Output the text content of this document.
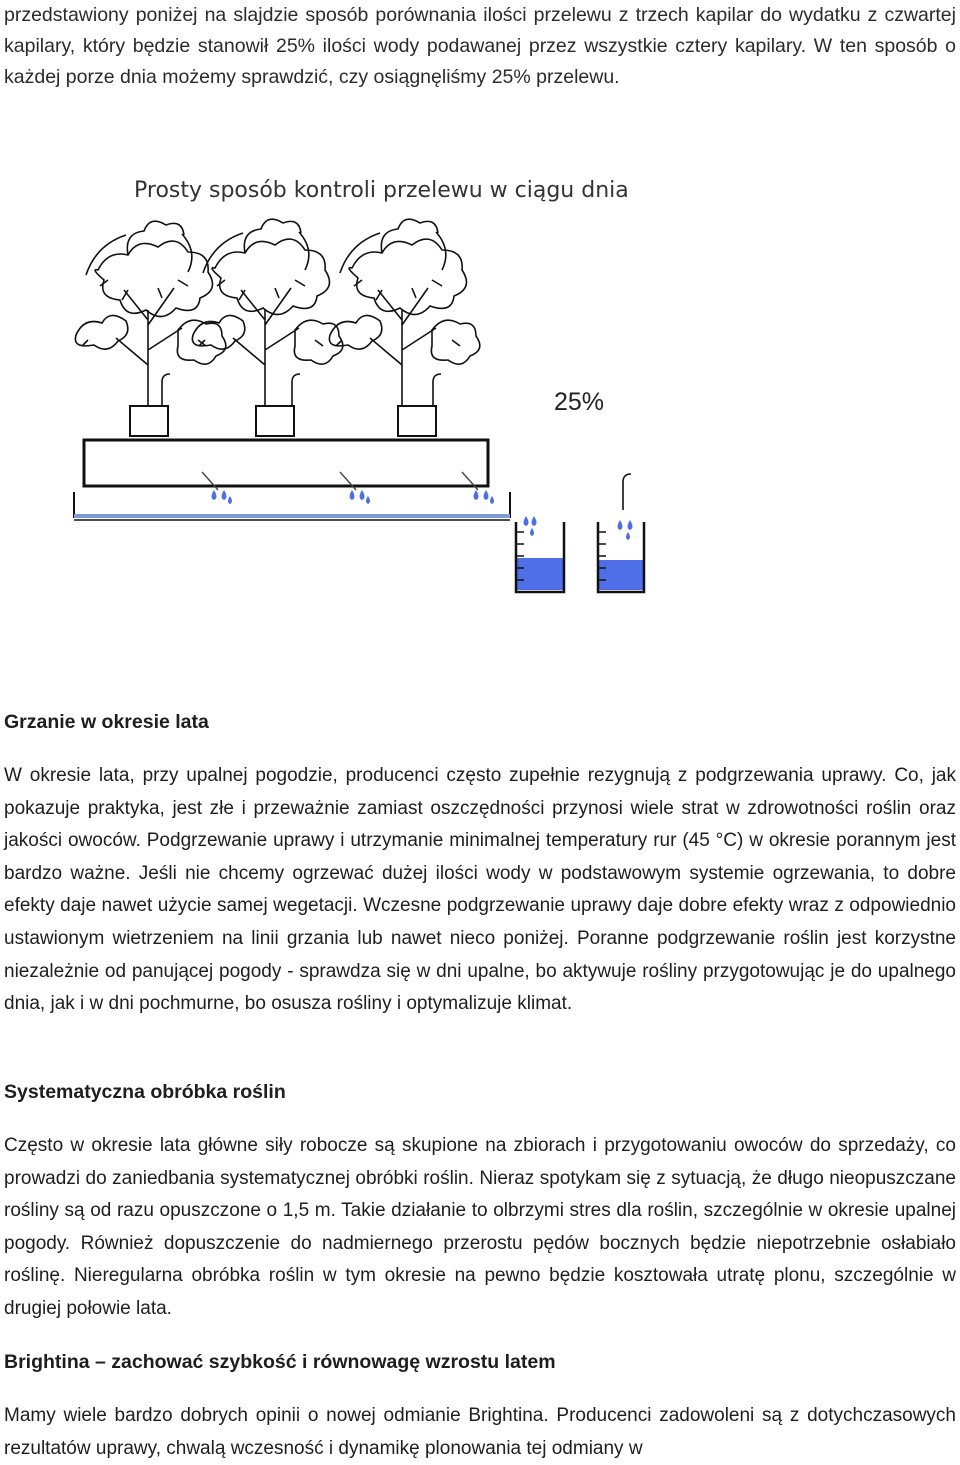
przedstawiony poniżej na slajdzie sposób porównania ilości przelewu z trzech kapilar do wydatku z czwartej kapilary, który będzie stanowił 25% ilości wody podawanej przez wszystkie cztery kapilary. W ten sposób o każdej porze dnia możemy sprawdzić, czy osiągnęliśmy 25% przelewu.

Prosty sposób kontroli przelewu w ciągu dnia
25%
Grzanie w okresie lata

W okresie lata, przy upalnej pogodzie, producenci często zupełnie rezygnują z podgrzewania uprawy. Co, jak pokazuje praktyka, jest złe i przeważnie zamiast oszczędności przynosi wiele strat w zdrowotności roślin oraz jakości owoców. Podgrzewanie uprawy i utrzymanie minimalnej temperatury rur (45 °C) w okresie porannym jest bardzo ważne. Jeśli nie chcemy ogrzewać dużej ilości wody w podstawowym systemie ogrzewania, to dobre efekty daje nawet użycie samej wegetacji. Wczesne podgrzewanie uprawy daje dobre efekty wraz z odpowiednio ustawionym wietrzeniem na linii grzania lub nawet nieco poniżej. Poranne podgrzewanie roślin jest korzystne niezależnie od panującej pogody - sprawdza się w dni upalne, bo aktywuje rośliny przygotowując je do upalnego dnia, jak i w dni pochmurne, bo osusza rośliny i optymalizuje klimat.

Systematyczna obróbka roślin

Często w okresie lata główne siły robocze są skupione na zbiorach i przygotowaniu owoców do sprzedaży, co prowadzi do zaniedbania systematycznej obróbki roślin. Nieraz spotykam się z sytuacją, że długo nieopuszczane rośliny są od razu opuszczone o 1,5 m. Takie działanie to olbrzymi stres dla roślin, szczególnie w okresie upalnej pogody. Również dopuszczenie do nadmiernego przerostu pędów bocznych będzie niepotrzebnie osłabiało roślinę. Nieregularna obróbka roślin w tym okresie na pewno będzie kosztowała utratę plonu, szczególnie w drugiej połowie lata.

Brightina – zachować szybkość i równowagę wzrostu latem

Mamy wiele bardzo dobrych opinii o nowej odmianie Brightina. Producenci zadowoleni są z dotychczasowych rezultatów uprawy, chwalą wczesność i dynamikę plonowania tej odmiany w
